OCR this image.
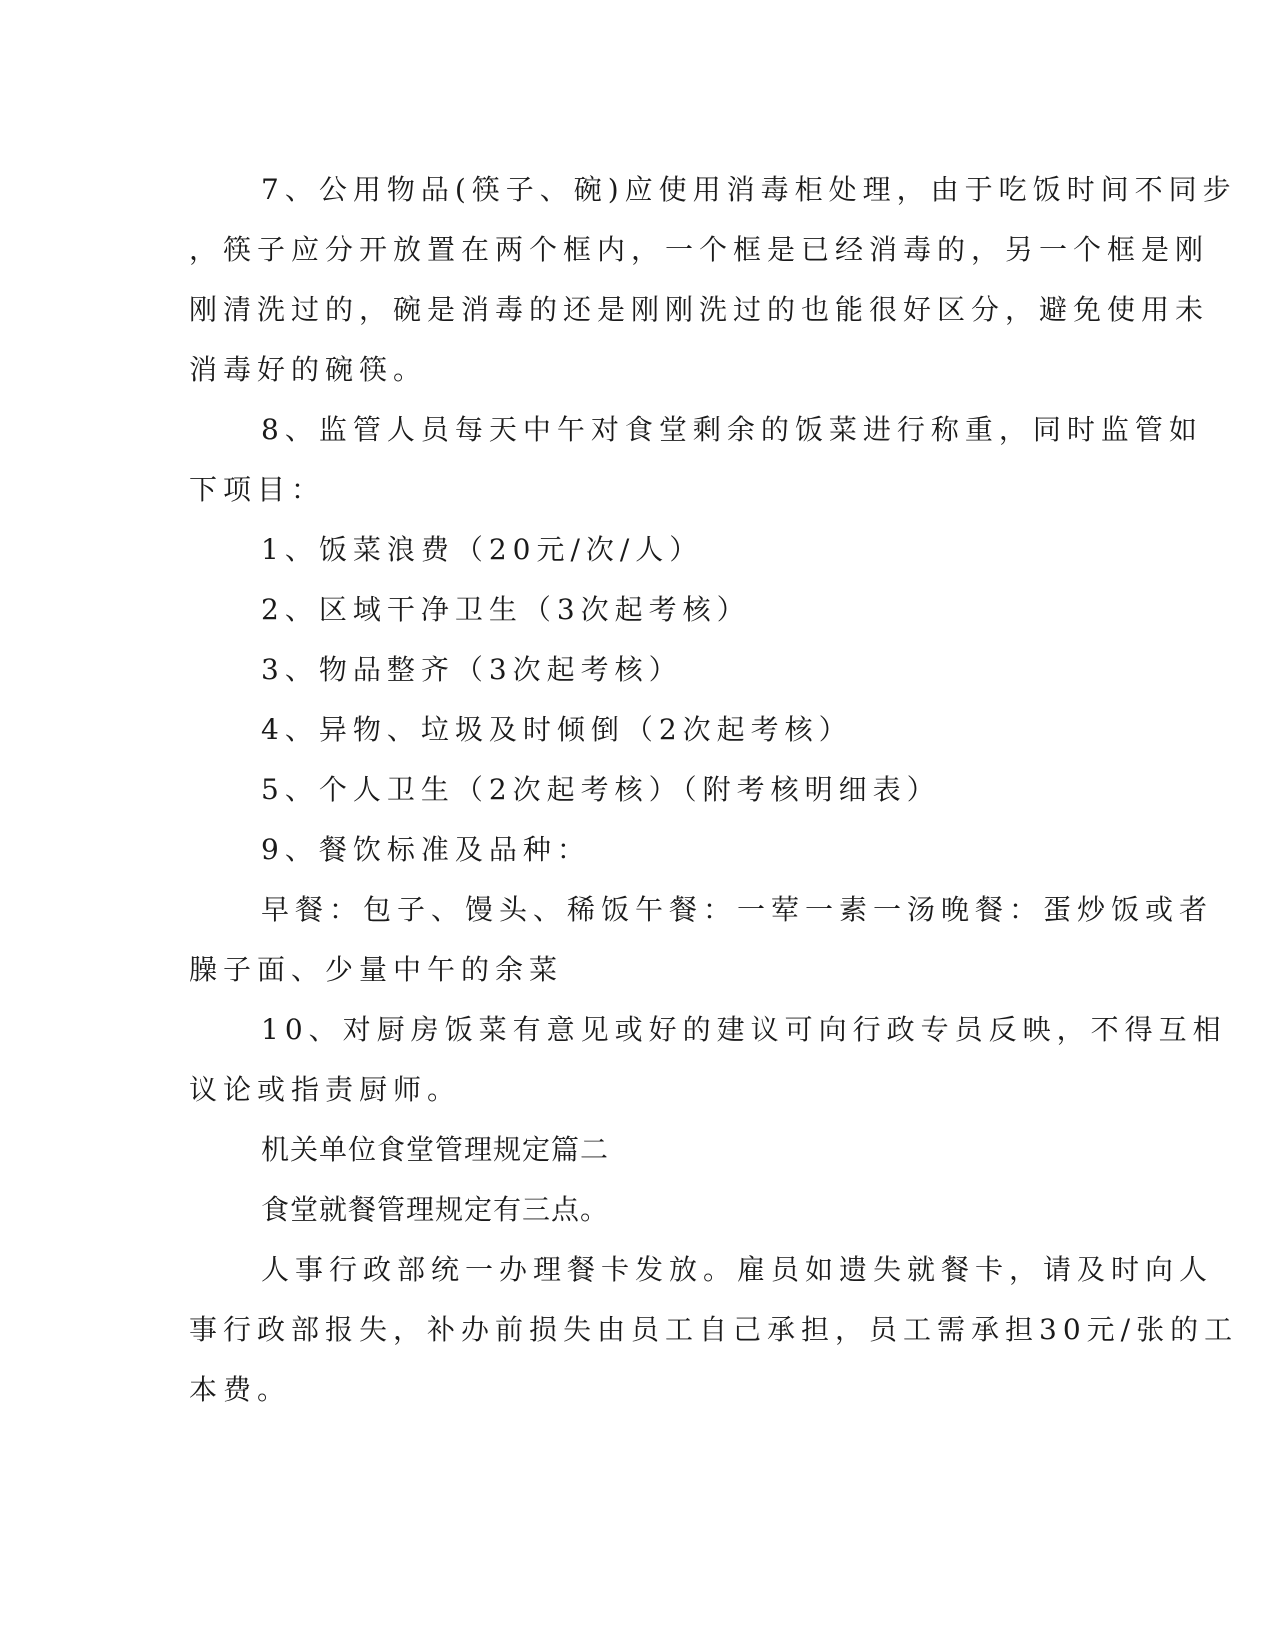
7、公用物品(筷子、碗)应使用消毒柜处理，由于吃饭时间不同步
，筷子应分开放置在两个框内，一个框是已经消毒的，另一个框是刚
刚清洗过的，碗是消毒的还是刚刚洗过的也能很好区分，避免使用未
消毒好的碗筷。
8、监管人员每天中午对食堂剩余的饭菜进行称重，同时监管如
下项目：
1、饭菜浪费（20元/次/人）
2、区域干净卫生（3次起考核）
3、物品整齐（3次起考核）
4、异物、垃圾及时倾倒（2次起考核）
5、个人卫生（2次起考核）（附考核明细表）
9、餐饮标准及品种：
早餐：包子、馒头、稀饭午餐：一荤一素一汤晚餐：蛋炒饭或者
臊子面、少量中午的余菜
10、对厨房饭菜有意见或好的建议可向行政专员反映，不得互相
议论或指责厨师。
机关单位食堂管理规定篇二
食堂就餐管理规定有三点。
人事行政部统一办理餐卡发放。雇员如遗失就餐卡，请及时向人
事行政部报失，补办前损失由员工自己承担，员工需承担30元/张的工
本费。
